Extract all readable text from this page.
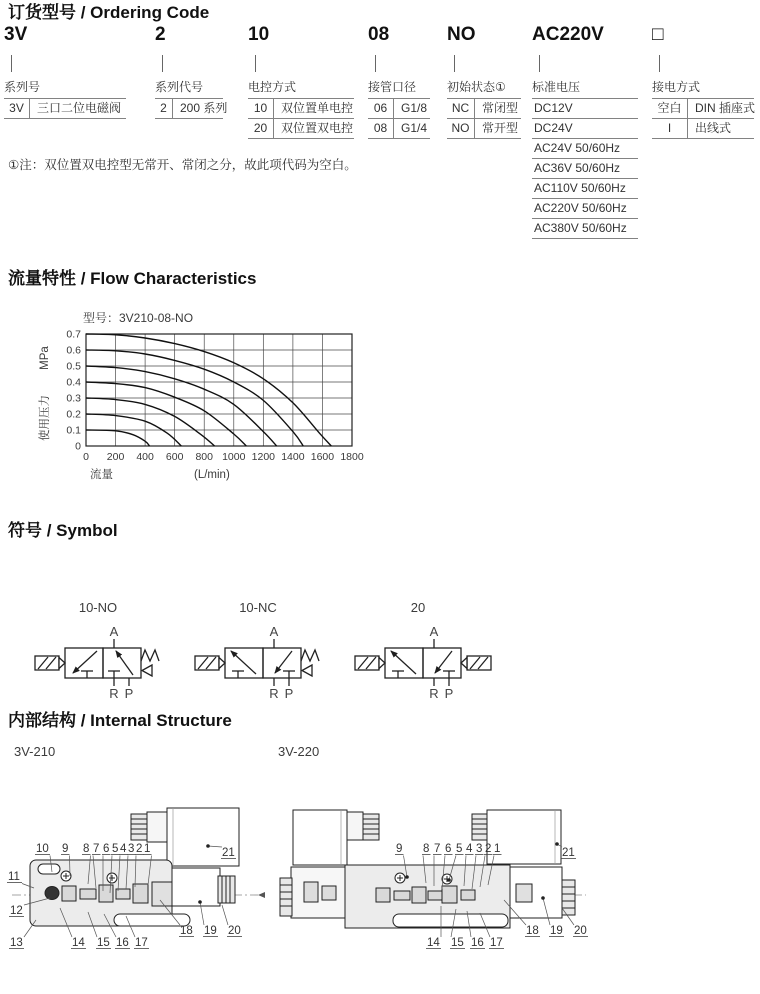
订货型号 / Ordering Code
3V
系列号
3V	三口二位电磁阀
2
系列代号
2	200 系列
10
电控方式
10	双位置单电控
20	双位置双电控
08
接管口径
06	G1/8
08	G1/4
NO
初始状态①
NC	常闭型
NO	常开型
AC220V
标准电压
DC12V
DC24V
AC24V 50/60Hz
AC36V 50/60Hz
AC110V 50/60Hz
AC220V 50/60Hz
AC380V 50/60Hz
□
接电方式
空白	DIN 插座式
I	出线式
①注：双位置双电控型无常开、常闭之分，故此项代码为空白。
流量特性 / Flow Characteristics
型号：3V210-08-NO
0
0.1
0.2
0.3
0.4
0.5
0.6
0.7
0 200 400 600 800 1000 1200 1400 1600 1800
MPa
使用压力
流量	(L/min)
符号 / Symbol
10-NO
A
R P
10-NC
A
R P
20
A
R P
内部结构 / Internal Structure
3V-210	3V-220
10 9 8 7 6 5 4 3 2 1	21
11
12
13	14 15 16 17
18 19 20
9 8 7 6 5 4 3 2 1	21
14 15 16 17
18 19 20
